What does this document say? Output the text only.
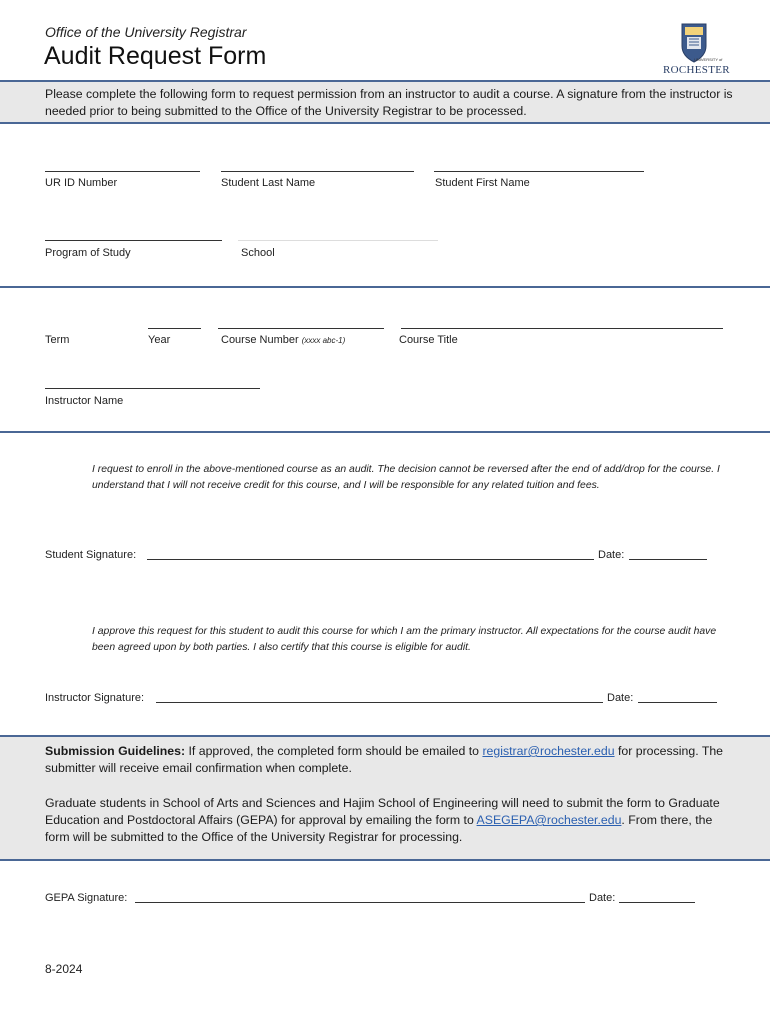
Office of the University Registrar
Audit Request Form	UNIVERSITY of
ROCHESTER
Please complete the following form to request permission from an instructor to audit a course. A signature from the instructor is needed prior to being submitted to the Office of the University Registrar to be processed.
UR ID Number	Student Last Name	Student First Name
Program of Study	School
Term	Year	Course Number (xxxx abc-1)	Course Title
Instructor Name
I request to enroll in the above-mentioned course as an audit. The decision cannot be reversed after the end of add/drop for the course. I understand that I will not receive credit for this course, and I will be responsible for any related tuition and fees.
Student Signature:	Date:
I approve this request for this student to audit this course for which I am the primary instructor. All expectations for the course audit have been agreed upon by both parties. I also certify that this course is eligible for audit.
Instructor Signature:	Date:
Submission Guidelines: If approved, the completed form should be emailed to registrar@rochester.edu for processing. The submitter will receive email confirmation when complete.
Graduate students in School of Arts and Sciences and Hajim School of Engineering will need to submit the form to Graduate Education and Postdoctoral Affairs (GEPA) for approval by emailing the form to ASEGEPA@rochester.edu. From there, the form will be submitted to the Office of the University Registrar for processing.
GEPA Signature:	Date:
8-2024
